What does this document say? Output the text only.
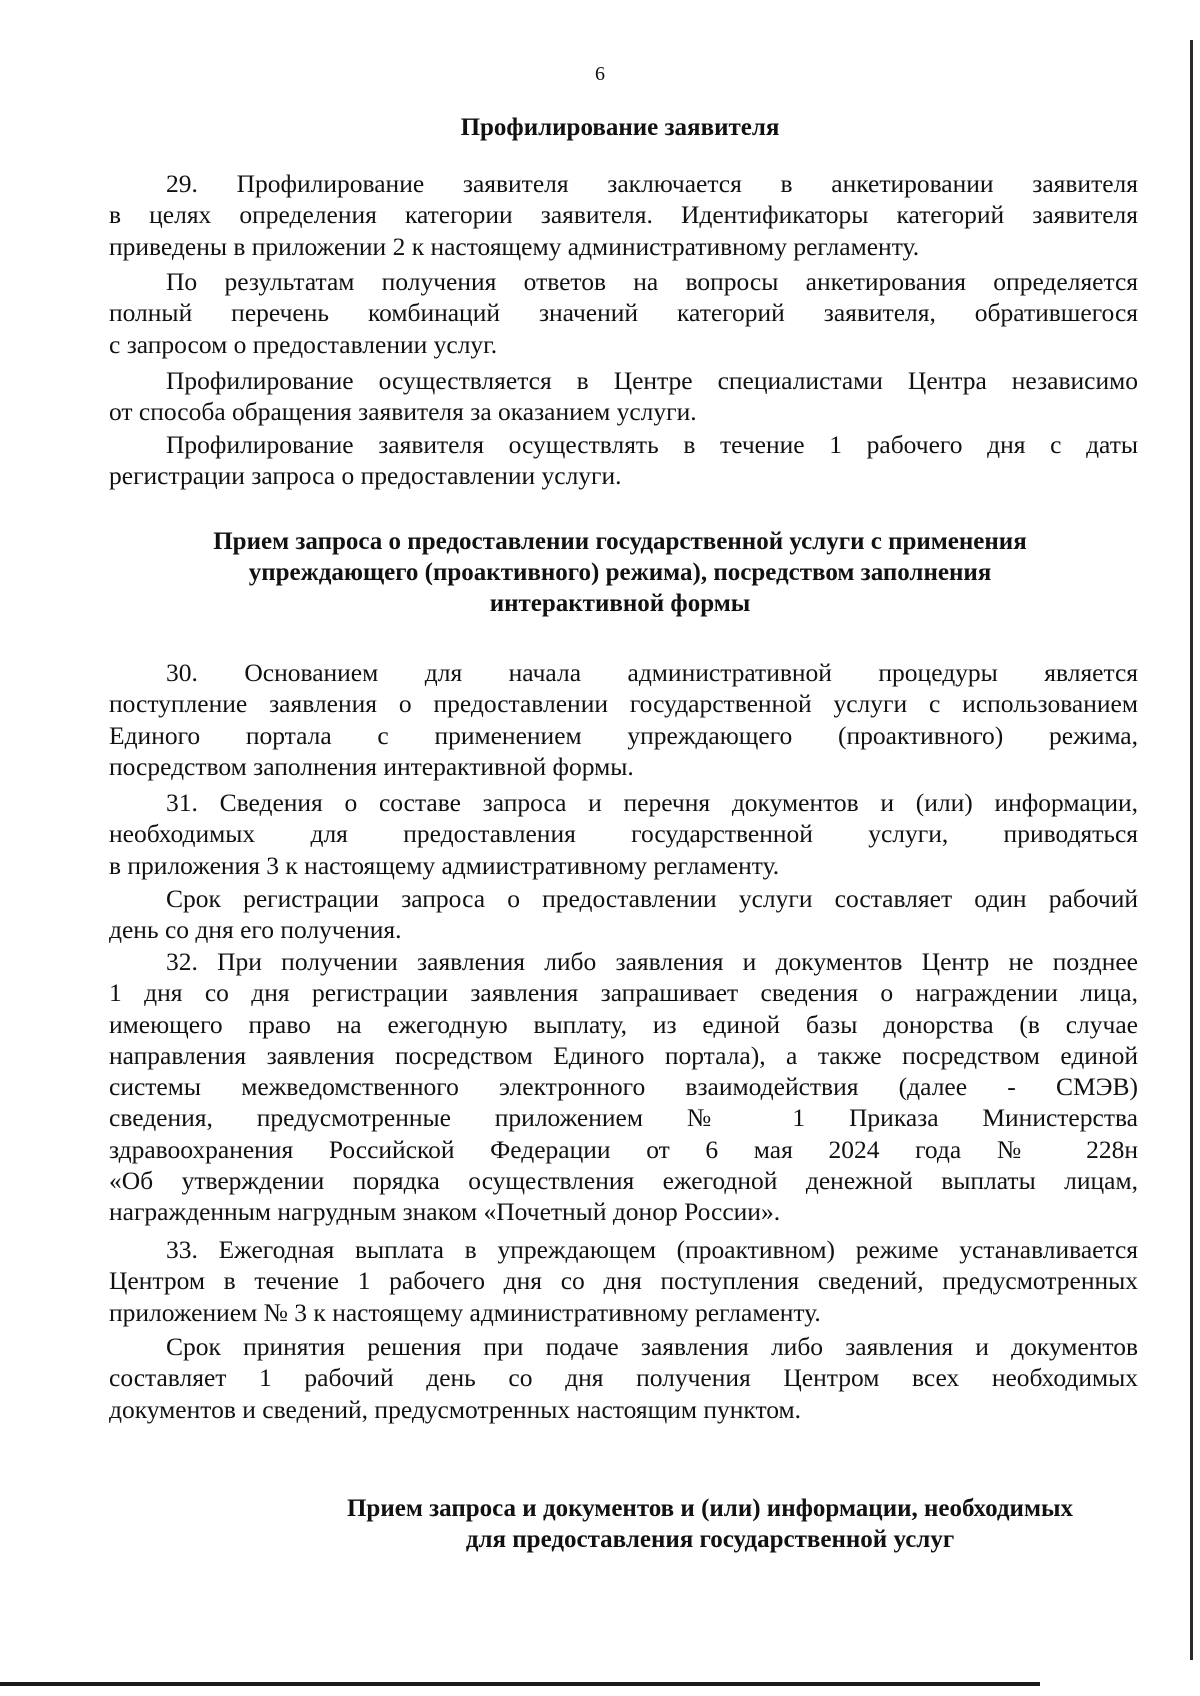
6
Профилирование заявителя
29. Профилирование заявителя заключается в анкетировании заявителя
в целях определения категории заявителя. Идентификаторы категорий заявителя
приведены в приложении 2 к настоящему административному регламенту.
По результатам получения ответов на вопросы анкетирования определяется
полный перечень комбинаций значений категорий заявителя, обратившегося
с запросом о предоставлении услуг.
Профилирование осуществляется в Центре специалистами Центра независимо
от способа обращения заявителя за оказанием услуги.
Профилирование заявителя осуществлять в течение 1 рабочего дня с даты
регистрации запроса о предоставлении услуги.
Прием запроса о предоставлении государственной услуги с применения
упреждающего (проактивного) режима), посредством заполнения
интерактивной формы
30. Основанием для начала административной процедуры является
поступление заявления о предоставлении государственной услуги с использованием
Единого портала с применением упреждающего (проактивного) режима,
посредством заполнения интерактивной формы.
31. Сведения о составе запроса и перечня документов и (или) информации,
необходимых для предоставления государственной услуги, приводяться
в приложения 3 к настоящему адмиистративному регламенту.
Срок регистрации запроса о предоставлении услуги составляет один рабочий
день со дня его получения.
32. При получении заявления либо заявления и документов Центр не позднее
1 дня со дня регистрации заявления запрашивает сведения о награждении лица,
имеющего право на ежегодную выплату, из единой базы донорства (в случае
направления заявления посредством Единого портала), а также посредством единой
системы межведомственного электронного взаимодействия (далее - СМЭВ)
сведения, предусмотренные приложением № 1 Приказа Министерства
здравоохранения Российской Федерации от 6 мая 2024 года № 228н
«Об утверждении порядка осуществления ежегодной денежной выплаты лицам,
награжденным нагрудным знаком «Почетный донор России».
33. Ежегодная выплата в упреждающем (проактивном) режиме устанавливается
Центром в течение 1 рабочего дня со дня поступления сведений, предусмотренных
приложением № 3 к настоящему административному регламенту.
Срок принятия решения при подаче заявления либо заявления и документов
составляет 1 рабочий день со дня получения Центром всех необходимых
документов и сведений, предусмотренных настоящим пунктом.
Прием запроса и документов и (или) информации, необходимых
для предоставления государственной услуг
